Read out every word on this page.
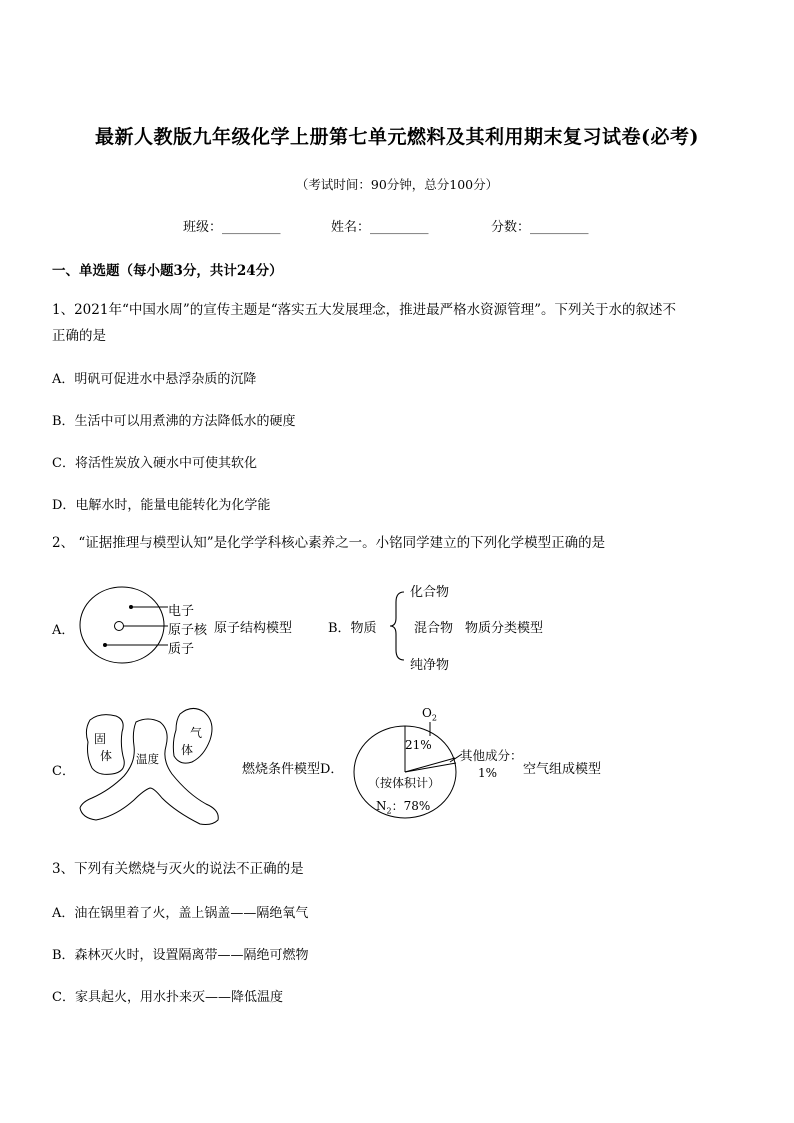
最新人教版九年级化学上册第七单元燃料及其利用期末复习试卷(必考)
（考试时间：90分钟，总分100分）
班级：_________	姓名：_________	分数：_________
一、单选题（每小题3分，共计24分）
1、2021年“中国水周”的宣传主题是“落实五大发展理念，推进最严格水资源管理”。下列关于水的叙述不
正确的是
A．明矾可促进水中悬浮杂质的沉降
B．生活中可以用煮沸的方法降低水的硬度
C．将活性炭放入硬水中可使其软化
D．电解水时，能量电能转化为化学能
2、 “证据推理与模型认知”是化学学科核心素养之一。小铭同学建立的下列化学模型正确的是
A．
电子
原子核
质子
原子结构模型	B．物质
化合物
混合物 物质分类模型
纯净物
C．
固
体
气
体
温度
燃烧条件模型D．
$O_2$
21%
其他成分：
1%
（按体积计）
$N_2$：78%
空气组成模型
3、下列有关燃烧与灭火的说法不正确的是
A．油在锅里着了火，盖上锅盖——隔绝氧气
B．森林灭火时，设置隔离带——隔绝可燃物
C．家具起火，用水扑来灭——降低温度
